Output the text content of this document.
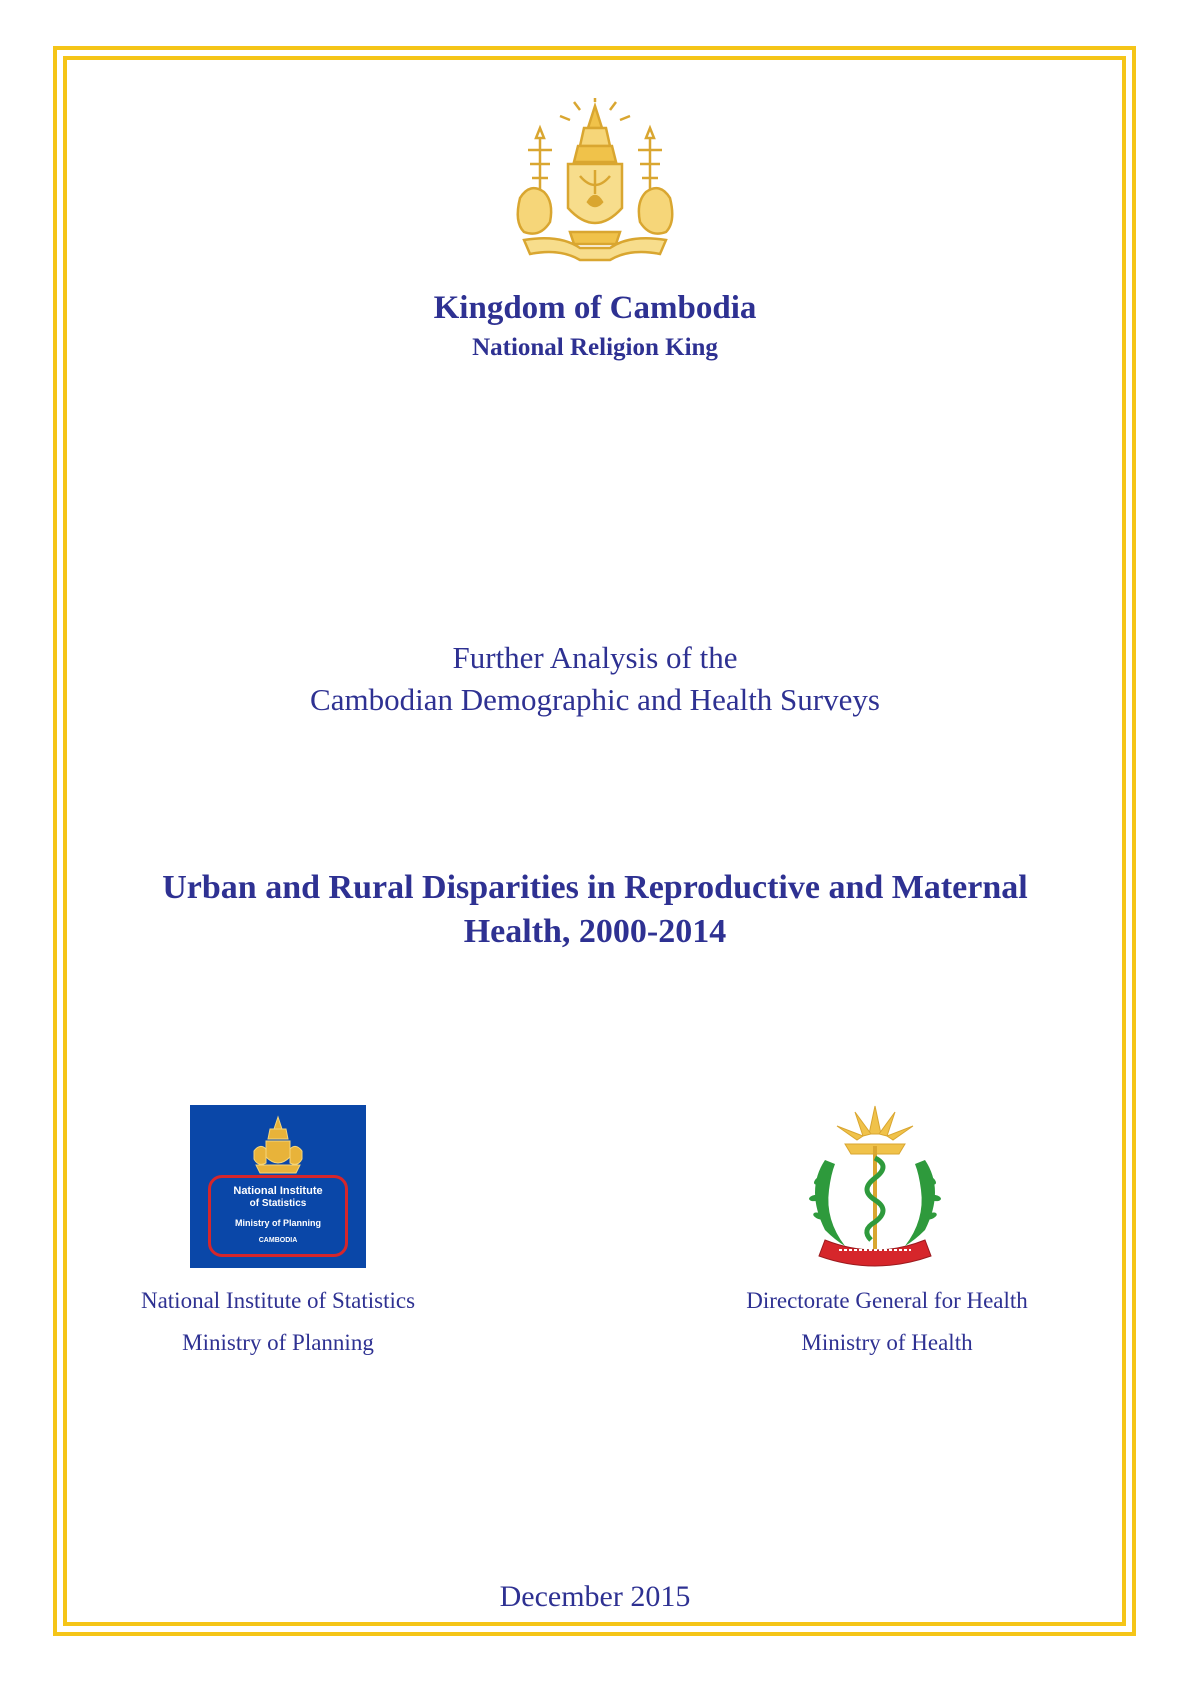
Kingdom of Cambodia
National Religion King
Further Analysis of the
Cambodian Demographic and Health Surveys
Urban and Rural Disparities in Reproductive and Maternal
Health, 2000-2014
National Institute
of Statistics
Ministry of Planning
CAMBODIA
National Institute of Statistics
Ministry of Planning
Directorate General for Health
Ministry of Health
December 2015
